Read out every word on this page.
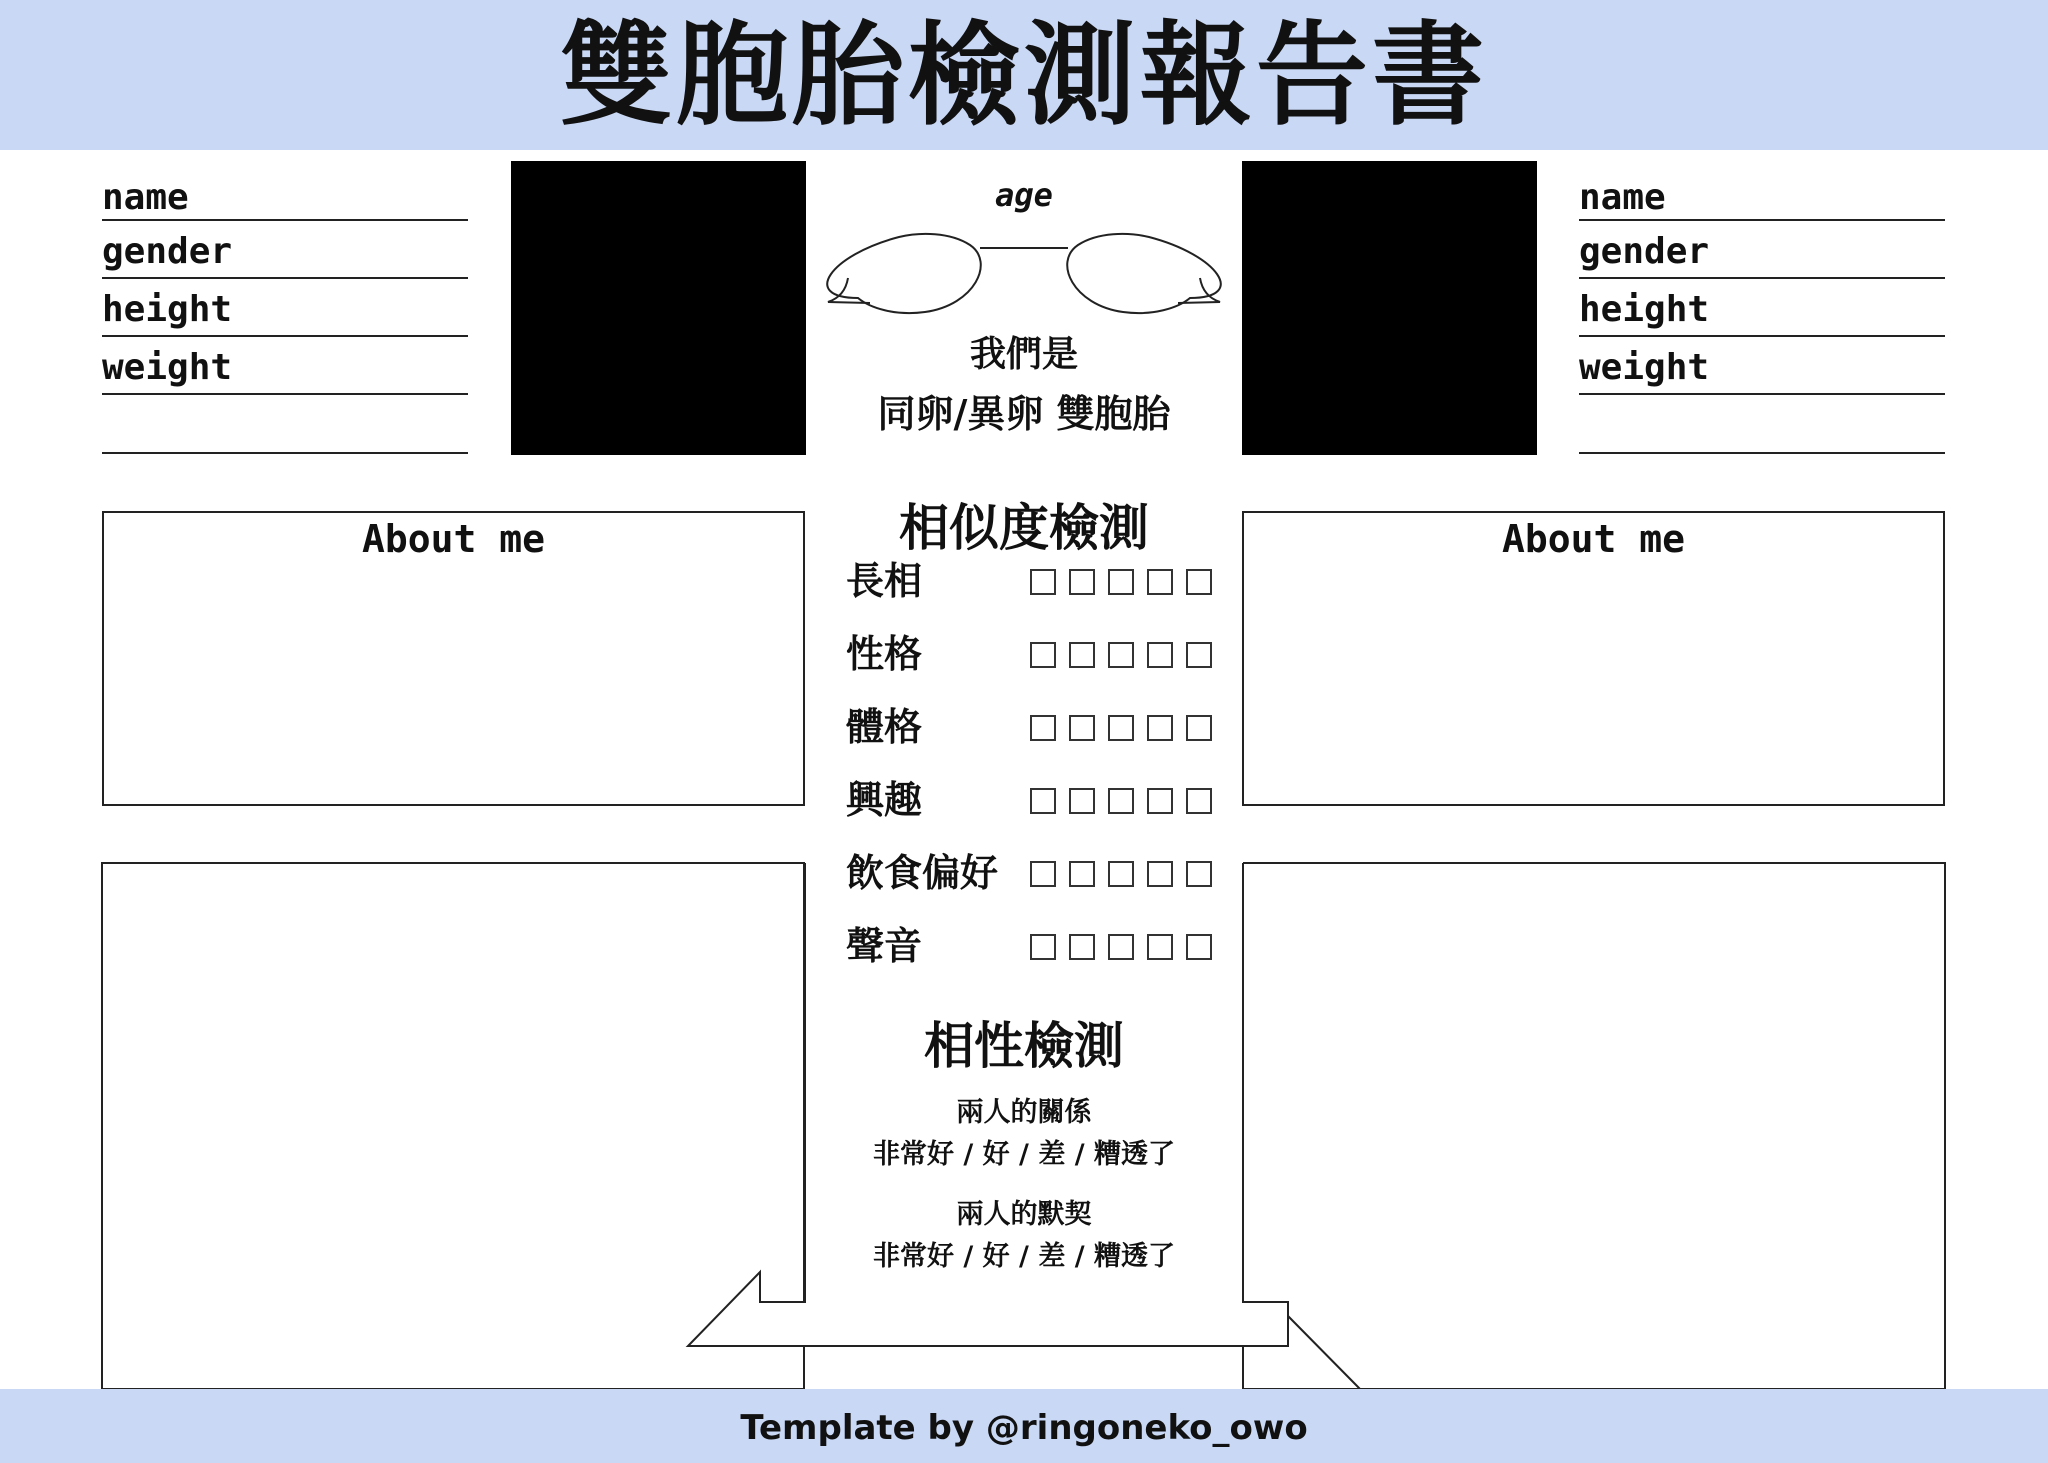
雙胞胎檢測報告書
name
gender
height
weight
age
我們是
同卵/異卵 雙胞胎
name
gender
height
weight
About me	About me
相似度檢測
長相
性格
體格
興趣
飲食偏好
聲音
相性檢測
兩人的關係
非常好 / 好 / 差 / 糟透了
兩人的默契
非常好 / 好 / 差 / 糟透了
Template by @ringoneko_owo
